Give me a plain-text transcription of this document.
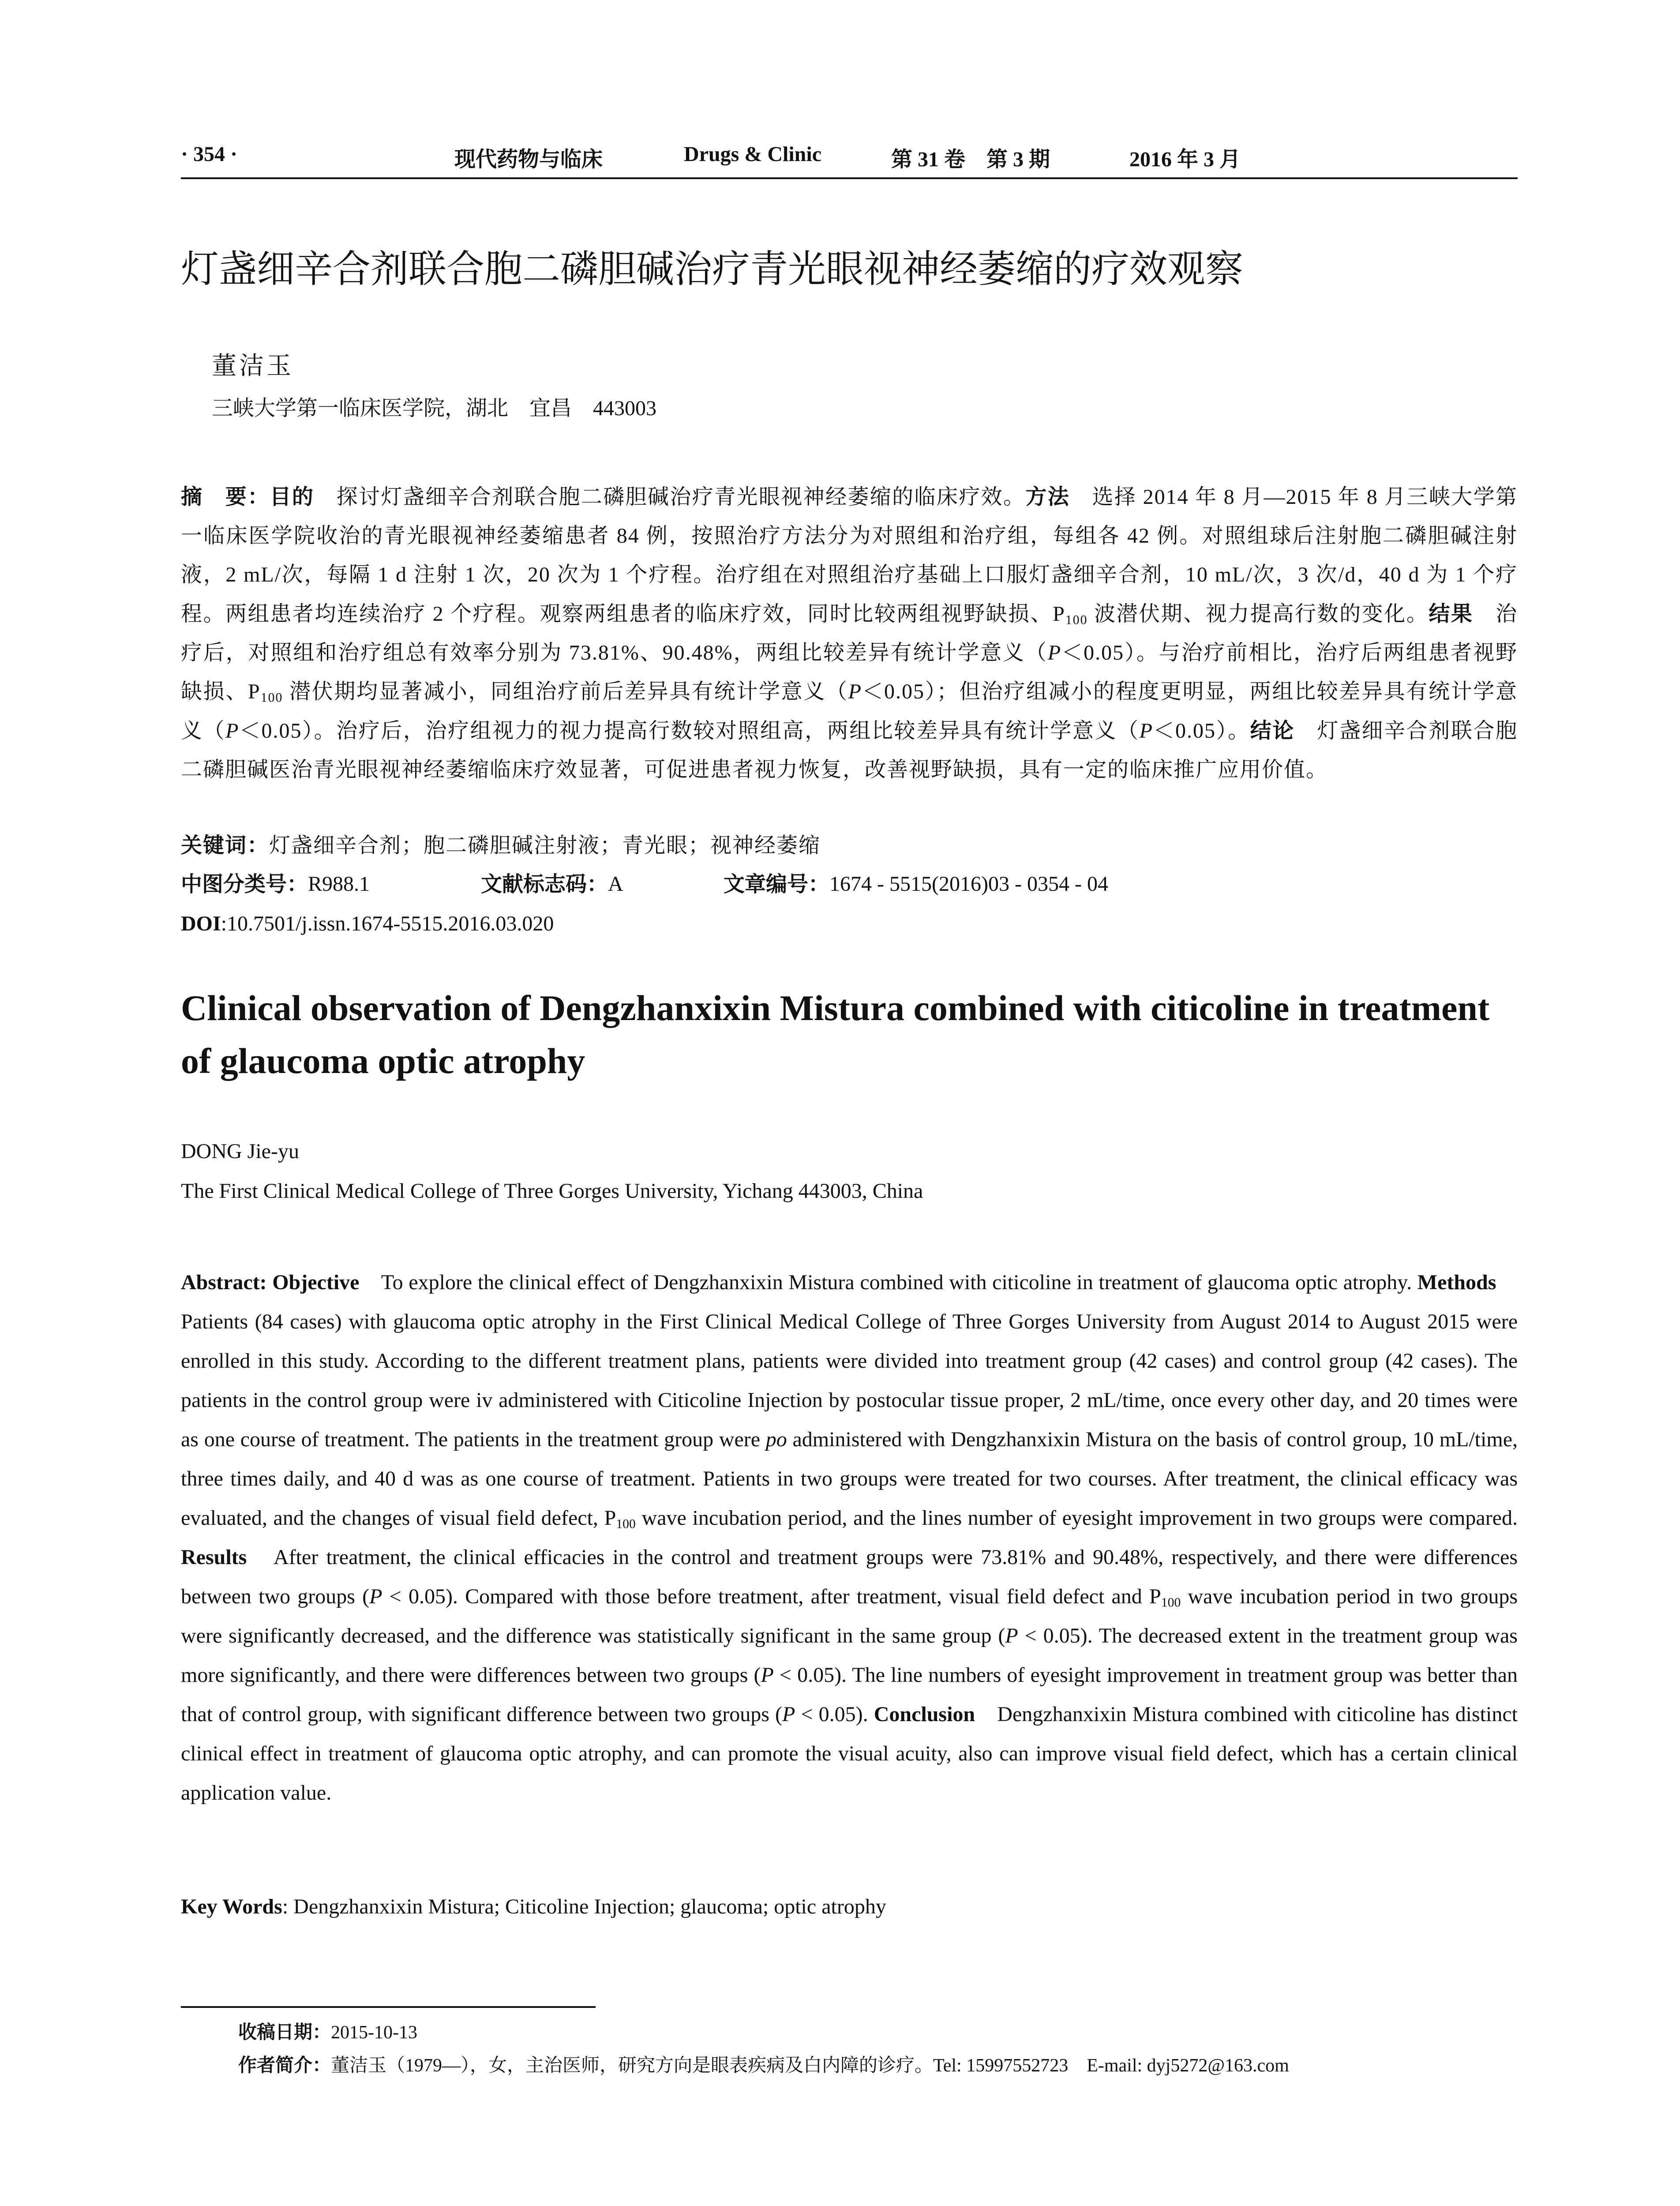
· 354 ·	现代药物与临床	Drugs & Clinic	第 31 卷　第 3 期	2016 年 3 月
灯盏细辛合剂联合胞二磷胆碱治疗青光眼视神经萎缩的疗效观察
董洁玉
三峡大学第一临床医学院，湖北　宜昌　443003
摘　要：目的　探讨灯盏细辛合剂联合胞二磷胆碱治疗青光眼视神经萎缩的临床疗效。方法　选择 2014 年 8 月—2015 年 8 月三峡大学第一临床医学院收治的青光眼视神经萎缩患者 84 例，按照治疗方法分为对照组和治疗组，每组各 42 例。对照组球后注射胞二磷胆碱注射液，2 mL/次，每隔 1 d 注射 1 次，20 次为 1 个疗程。治疗组在对照组治疗基础上口服灯盏细辛合剂，10 mL/次，3 次/d，40 d 为 1 个疗程。两组患者均连续治疗 2 个疗程。观察两组患者的临床疗效，同时比较两组视野缺损、$P_{100}$ 波潜伏期、视力提高行数的变化。结果　治疗后，对照组和治疗组总有效率分别为 73.81%、90.48%，两组比较差异有统计学意义（P＜0.05）。与治疗前相比，治疗后两组患者视野缺损、$P_{100}$ 潜伏期均显著减小，同组治疗前后差异具有统计学意义（P＜0.05）；但治疗组减小的程度更明显，两组比较差异具有统计学意义（P＜0.05）。治疗后，治疗组视力的视力提高行数较对照组高，两组比较差异具有统计学意义（P＜0.05）。结论　灯盏细辛合剂联合胞二磷胆碱医治青光眼视神经萎缩临床疗效显著，可促进患者视力恢复，改善视野缺损，具有一定的临床推广应用价值。
关键词：灯盏细辛合剂；胞二磷胆碱注射液；青光眼；视神经萎缩
中图分类号： R988.1	文献标志码： A	文章编号： 1674 - 5515(2016)03 - 0354 - 04
DOI:10.7501/j.issn.1674-5515.2016.03.020
Clinical observation of Dengzhanxixin Mistura combined with citicoline in treatment of glaucoma optic atrophy
DONG Jie-yu
The First Clinical Medical College of Three Gorges University, Yichang 443003, China
Abstract: Objective　To explore the clinical effect of Dengzhanxixin Mistura combined with citicoline in treatment of glaucoma optic atrophy. Methods　Patients (84 cases) with glaucoma optic atrophy in the First Clinical Medical College of Three Gorges University from August 2014 to August 2015 were enrolled in this study. According to the different treatment plans, patients were divided into treatment group (42 cases) and control group (42 cases). The patients in the control group were iv administered with Citicoline Injection by postocular tissue proper, 2 mL/time, once every other day, and 20 times were as one course of treatment. The patients in the treatment group were po administered with Dengzhanxixin Mistura on the basis of control group, 10 mL/time, three times daily, and 40 d was as one course of treatment. Patients in two groups were treated for two courses. After treatment, the clinical efficacy was evaluated, and the changes of visual field defect, $P_{100}$ wave incubation period, and the lines number of eyesight improvement in two groups were compared. Results　After treatment, the clinical efficacies in the control and treatment groups were 73.81% and 90.48%, respectively, and there were differences between two groups (P < 0.05). Compared with those before treatment, after treatment, visual field defect and $P_{100}$ wave incubation period in two groups were significantly decreased, and the difference was statistically significant in the same group (P < 0.05). The decreased extent in the treatment group was more significantly, and there were differences between two groups (P < 0.05). The line numbers of eyesight improvement in treatment group was better than that of control group, with significant difference between two groups (P < 0.05). Conclusion　Dengzhanxixin Mistura combined with citicoline has distinct clinical effect in treatment of glaucoma optic atrophy, and can promote the visual acuity, also can improve visual field defect, which has a certain clinical application value.
Key Words: Dengzhanxixin Mistura; Citicoline Injection; glaucoma; optic atrophy
收稿日期：2015-10-13
作者简介：董洁玉（1979—），女，主治医师，研究方向是眼表疾病及白内障的诊疗。Tel: 15997552723　E-mail: dyj5272@163.com
